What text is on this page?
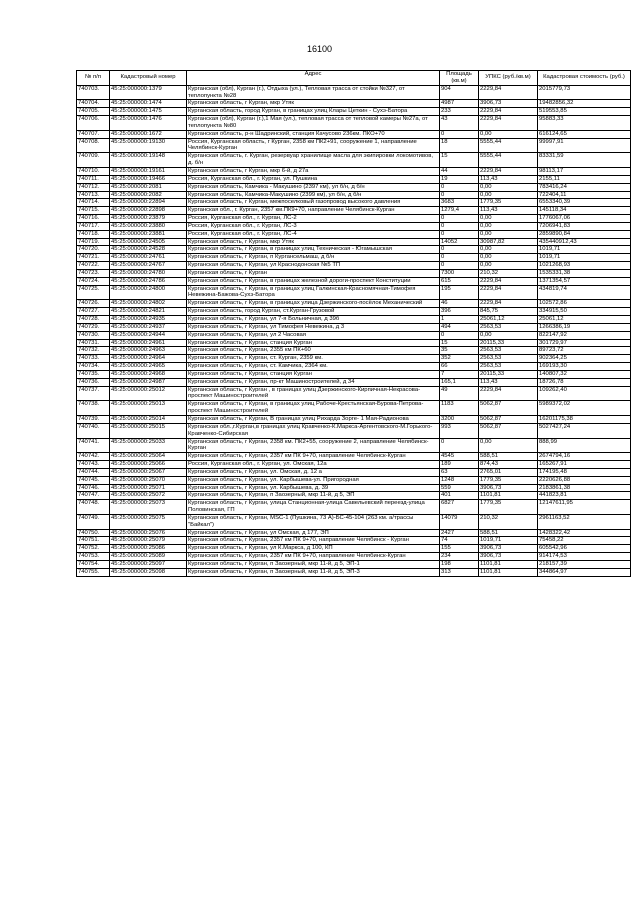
16100
№ п/п	Кадастровый номер	Адрес	Площадь (кв.м)	УПКС (руб./кв.м)	Кадастровая стоимость (руб.)
740703.	45:25:000000:1379	Курганская (обл), Курган (г.), Отдыха (ул.), Тепловая трасса от стойки №327, от теплопункта №28	904	2229,84	2015779,73
740704.	45:25:000000:1474	Курганская область, г Курган, мкр Утяк	4987	3906,73	19482856,32
740705.	45:25:000000:1475	Курганская область, город Курган, в границах улиц Клары Цеткин - Сухэ-Батора	233	2229,84	519553,85
740706.	45:25:000000:1476	Курганская (обл), Курган (г.),1 Мая (ул.), тепловая трасса от тепловой камеры №27а, от теплопункта №80	43	2229,84	95883,33
740707.	45:25:000000:1672	Курганская область, р-н Шадринский, станция Качусово 236км. ПКО+70	0	0,00	616124,65
740708.	45:25:000000:19130	Россия, Курганская область, г Курган, 2358 км ПК2+91, сооружение 1, направление Челябинск-Курган	18	5555,44	99997,91
740709.	45:25:000000:19148	Курганская область, г. Курган, резервуар хранилище масла для экипировки локомотивов, д. б/н	15	5555,44	83331,59
740710.	45:25:000000:19161	Курганская область, г Курган, мкр 6-й, д 27а	44	2229,84	98113,17
740711.	45:25:000000:19466	Россия, Курганская обл., г. Курган, ул. Пушкина	19	113,43	2155,11
740712.	45:25:000000:2081	Курганская область, Камчика - Макушино (2397 км), ул б/н, д б/н	0	0,00	783416,24
740713.	45:25:000000:2082	Курганская область, Камчика-Макушино (2399 км), ул б/н, д б/н	0	0,00	722404,11
740714.	45:25:000000:22894	Курганская область, г Курган, межпоселковый газопровод высокого давления	3683	1779,35	6553340,39
740715.	45:25:000000:22898	Курганская обл., г. Курган, 2357 км.ПК9+70, направление Челябинск-Курган	1279,4	113,43	145118,34
740716.	45:25:000000:23879	Россия, Курганская обл., г. Курган, ЛС-2	0	0,00	1776067,06
740717.	45:25:000000:23880	Россия, Курганская обл., г. Курган, ЛС-3	0	0,00	7206941,83
740718.	45:25:000000:23881	Россия, Курганская обл., г. Курган, ЛС-4	0	0,00	2859890,84
740719.	45:25:000000:24505	Курганская область, г Курган, мкр Утяк	14052	30987,82	435440912,43
740720.	45:25:000000:24528	Курганская область, г Курган, в границах улиц Техническая - Югамышская	0	0,00	1019,71
740721.	45:25:000000:24761	Курганская область, г Курган, п Кургансельмаш, д б/н	0	0,00	1019,71
740722.	45:25:000000:24767	Курганская область, г Курган, ул Краснодонская №5 ТП	0	0,00	1021268,93
740723.	45:25:000000:24780	Курганская область, г Курган	7300	210,32	1535331,38
740724.	45:25:000000:24786	Курганская область, г Курган, в границах железной дороги-проспект Конституции	615	2229,84	1371354,57
740725.	45:25:000000:24800	Курганская область, г Курган, в границах улиц Галкинская-Красномячная-Тимофея Невежина-Бажова-Сухэ-Батора	195	2229,84	434819,74
740726.	45:25:000000:24802	Курганская область, г Курган, в границах улица Дзержинского-посёлок Механический	46	2229,84	102572,86
740727.	45:25:000000:24821	Курганская область, город Курган, ст.Курган-Грузовой	396	845,75	334915,50
740728.	45:25:000000:24935	Курганская область, г Курган, ул 7-я Больничная, д 39б	1	25061,12	25061,12
740729.	45:25:000000:24937	Курганская область, г Курган, ул Тимофея Невежина, д 3	494	2563,53	1266386,19
740730.	45:25:000000:24944	Курганская область, г Курган, ул 2 Часовая	0	0,00	822147,92
740731.	45:25:000000:24961	Курганская область, г Курган, станция Курган	15	20115,33	301729,97
740732.	45:25:000000:24963	Курганская область, г Курган, 2355 км ПК+60	35	2563,53	89723,72
740733.	45:25:000000:24964	Курганская область, г Курган, ст. Курган, 2359 км.	352	2563,53	902364,25
740734.	45:25:000000:24965	Курганская область, г Курган, ст. Камчика, 2364 км.	66	2563,53	169193,30
740735.	45:25:000000:24968	Курганская область, г Курган, станция Курган	7	20115,33	140807,32
740736.	45:25:000000:24987	Курганская область, г Курган, пр-кт Машиностроителей, д 34	165,1	113,43	18726,78
740737.	45:25:000000:25012	Курганская область, г Курган , в границах улиц Дзержинского-Кирпичная-Некрасова-проспект Машиностроителей	49	2229,84	109262,40
740738.	45:25:000000:25013	Курганская область, г Курган, в границах улиц Рабоче-Крестьянская-Бурова-Петрова-проспект Машиностроителей	1183	5062,87	5989372,02
740739.	45:25:000000:25014	Курганская область, г Курган, В границах улиц Рихарда Зорге- 1 Мая-Радионова	3200	5062,87	16201175,38
740740.	45:25:000000:25015	Курганская обл.,г.Курган,в границах улиц Кравченко-К.Маркса-Аргентовского-М.Горького-Кравченко-Сибирская	993	5062,87	5027427,24
740741.	45:25:000000:25033	Курганская область, г Курган, 2358 км. ПК2+55, сооружение 2, направление Челябинск-Курган	0	0,00	888,99
740742.	45:25:000000:25064	Курганская область, г Курган, 2357 км ПК 9+70, направление Челябинск-Курган	4545	588,51	2674794,16
740743.	45:25:000000:25066	Россия, Курганская обл., г. Курган, ул. Омская, 12а	189	874,43	165267,91
740744.	45:25:000000:25067	Курганская область, г Курган, ул. Омская, д. 12 а	63	2765,01	174195,48
740745.	45:25:000000:25070	Курганская область, г Курган, ул. Карбышева-ул. Пригородная	1248	1779,35	2220626,88
740746.	45:25:000000:25071	Курганская область, г Курган, ул. Карбышева, д. 39	559	3906,73	2183861,38
740747.	45:25:000000:25072	Курганская область, г Курган, п Заозерный, мкр 11-й, д 5, ЭП	401	1101,81	441823,81
740748.	45:25:000000:25073	Курганская область, г Курган, улица Станционная-улица Савельевский переезд-улица Половинская, ГП	6827	1779,35	12147611,95
740749.	45:25:000000:25075	Курганская область, г Курган, МSC-1 (Пушкина, 73 А)-БС-45-104 (263 км. а/трассы "Байкал")	14079	210,32	2961163,52
740750.	45:25:000000:25076	Курганская область, г Курган, ул Омская, д 177, ЭП	2427	588,51	1428322,42
740751.	45:25:000000:25079	Курганская область, г Курган, 2357 км ПК 9+70, направление Челябинск - Курган	74	1019,71	75458,22
740752.	45:25:000000:25086	Курганская область, г Курган, ул К.Маркса, д 100, КП	155	3906,73	605542,96
740753.	45:25:000000:25089	Курганская область, г Курган, 2357 км ПК 9+70, направление Челябинск-Курган	234	3906,73	914174,53
740754.	45:25:000000:25097	Курганская область, г Курган, п Заозерный, мкр 11-й, д 5, ЭП-1	198	1101,81	218157,39
740755.	45:25:000000:25098	Курганская область, г Курган, п Заозерный, мкр 11-й, д 5, ЭП-3	313	1101,81	344864,97
